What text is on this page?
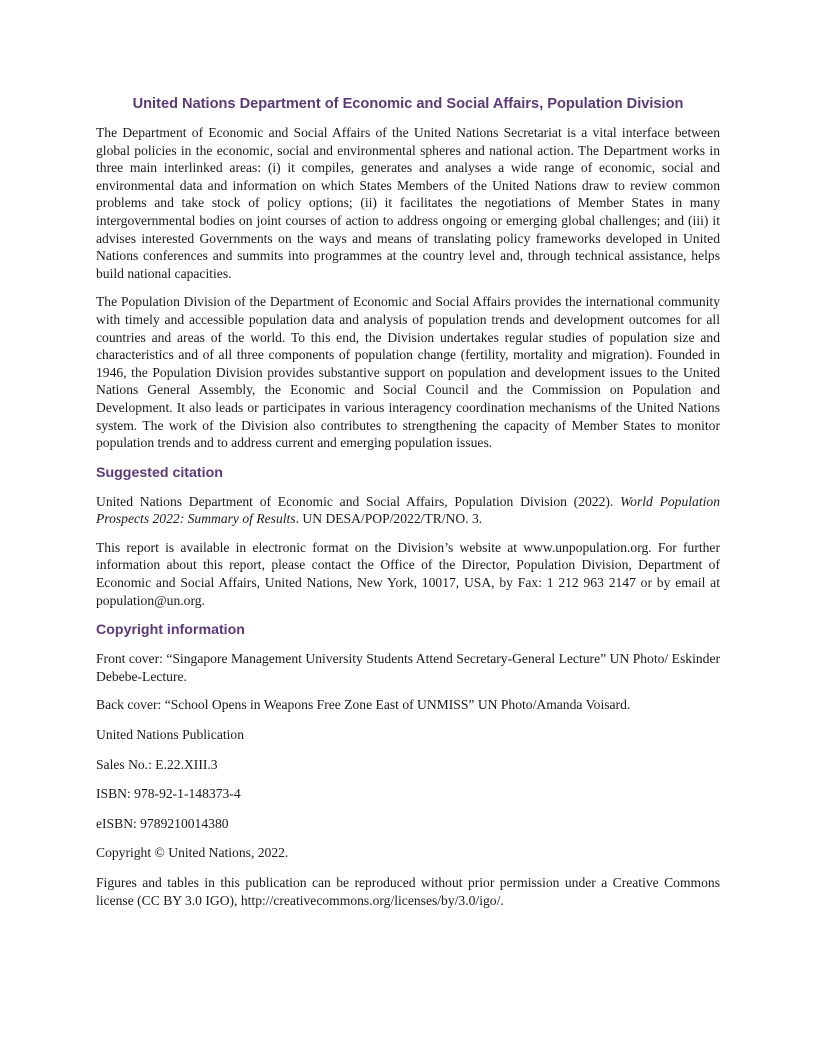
United Nations Department of Economic and Social Affairs, Population Division

The Department of Economic and Social Affairs of the United Nations Secretariat is a vital interface between global policies in the economic, social and environmental spheres and national action. The Department works in three main interlinked areas: (i) it compiles, generates and analyses a wide range of economic, social and environmental data and information on which States Members of the United Nations draw to review common problems and take stock of policy options; (ii) it facilitates the negotiations of Member States in many intergovernmental bodies on joint courses of action to address ongoing or emerging global challenges; and (iii) it advises interested Governments on the ways and means of translating policy frameworks developed in United Nations conferences and summits into programmes at the country level and, through technical assistance, helps build national capacities.

The Population Division of the Department of Economic and Social Affairs provides the international community with timely and accessible population data and analysis of population trends and development outcomes for all countries and areas of the world. To this end, the Division undertakes regular studies of population size and characteristics and of all three components of population change (fertility, mortality and migration). Founded in 1946, the Population Division provides substantive support on population and development issues to the United Nations General Assembly, the Economic and Social Council and the Commission on Population and Development. It also leads or participates in various interagency coordination mechanisms of the United Nations system. The work of the Division also contributes to strengthening the capacity of Member States to monitor population trends and to address current and emerging population issues.

Suggested citation

United Nations Department of Economic and Social Affairs, Population Division (2022). World Population Prospects 2022: Summary of Results. UN DESA/POP/2022/TR/NO. 3.

This report is available in electronic format on the Division’s website at www.unpopulation.org. For further information about this report, please contact the Office of the Director, Population Division, Department of Economic and Social Affairs, United Nations, New York, 10017, USA, by Fax: 1 212 963 2147 or by email at population@un.org.

Copyright information

Front cover: “Singapore Management University Students Attend Secretary-General Lecture” UN Photo/ Eskinder Debebe-Lecture.

Back cover: “School Opens in Weapons Free Zone East of UNMISS” UN Photo/Amanda Voisard.

United Nations Publication

Sales No.: E.22.XIII.3

ISBN: 978-92-1-148373-4

eISBN: 9789210014380

Copyright © United Nations, 2022.

Figures and tables in this publication can be reproduced without prior permission under a Creative Commons license (CC BY 3.0 IGO), http://creativecommons.org/licenses/by/3.0/igo/.
